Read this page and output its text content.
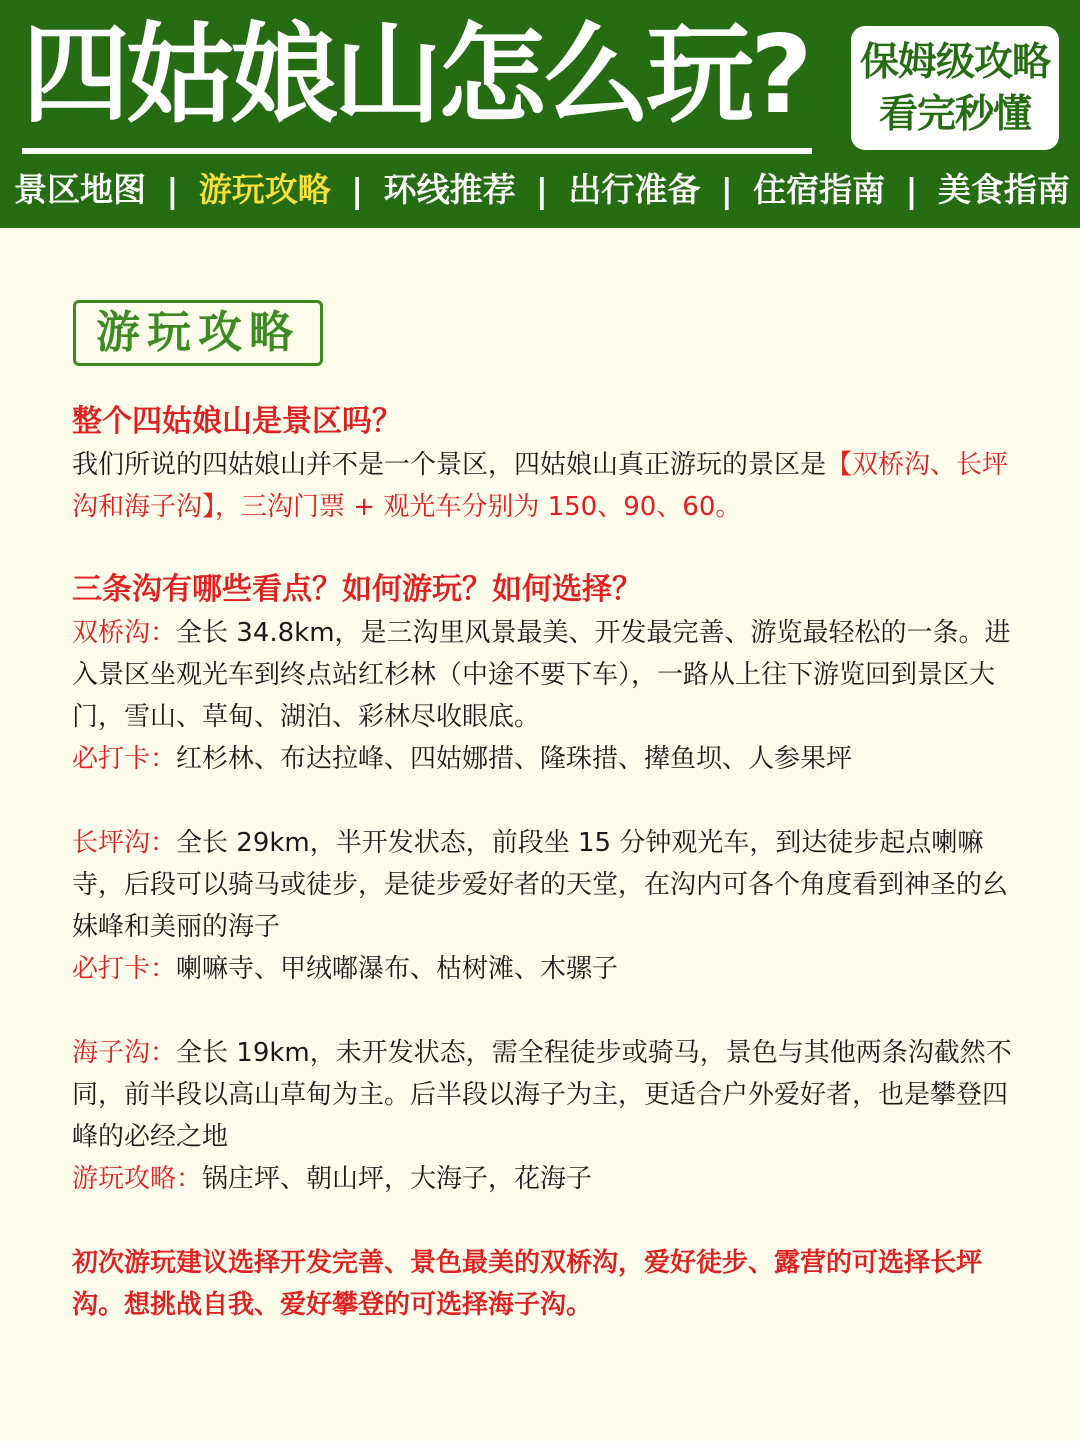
四姑娘山怎么玩?	保姆级攻略
看完秒懂
景区地图 | 游玩攻略 | 环线推荐 | 出行准备 | 住宿指南 | 美食指南
游玩攻略
整个四姑娘山是景区吗？

我们所说的四姑娘山并不是一个景区，四姑娘山真正游玩的景区是【双桥沟、长坪沟和海子沟】，三沟门票 + 观光车分别为 150、90、60。

三条沟有哪些看点？如何游玩？如何选择？

双桥沟：全长 34.8km，是三沟里风景最美、开发最完善、游览最轻松的一条。进入景区坐观光车到终点站红杉林（中途不要下车），一路从上往下游览回到景区大门，雪山、草甸、湖泊、彩林尽收眼底。

必打卡：红杉林、布达拉峰、四姑娜措、隆珠措、撵鱼坝、人参果坪

长坪沟：全长 29km，半开发状态，前段坐 15 分钟观光车，到达徒步起点喇嘛寺，后段可以骑马或徒步，是徒步爱好者的天堂，在沟内可各个角度看到神圣的幺妹峰和美丽的海子

必打卡：喇嘛寺、甲绒嘟瀑布、枯树滩、木骡子

海子沟：全长 19km，未开发状态，需全程徒步或骑马，景色与其他两条沟截然不同，前半段以高山草甸为主。后半段以海子为主，更适合户外爱好者，也是攀登四峰的必经之地

游玩攻略：锅庄坪、朝山坪，大海子，花海子

初次游玩建议选择开发完善、景色最美的双桥沟，爱好徒步、露营的可选择长坪沟。想挑战自我、爱好攀登的可选择海子沟。
